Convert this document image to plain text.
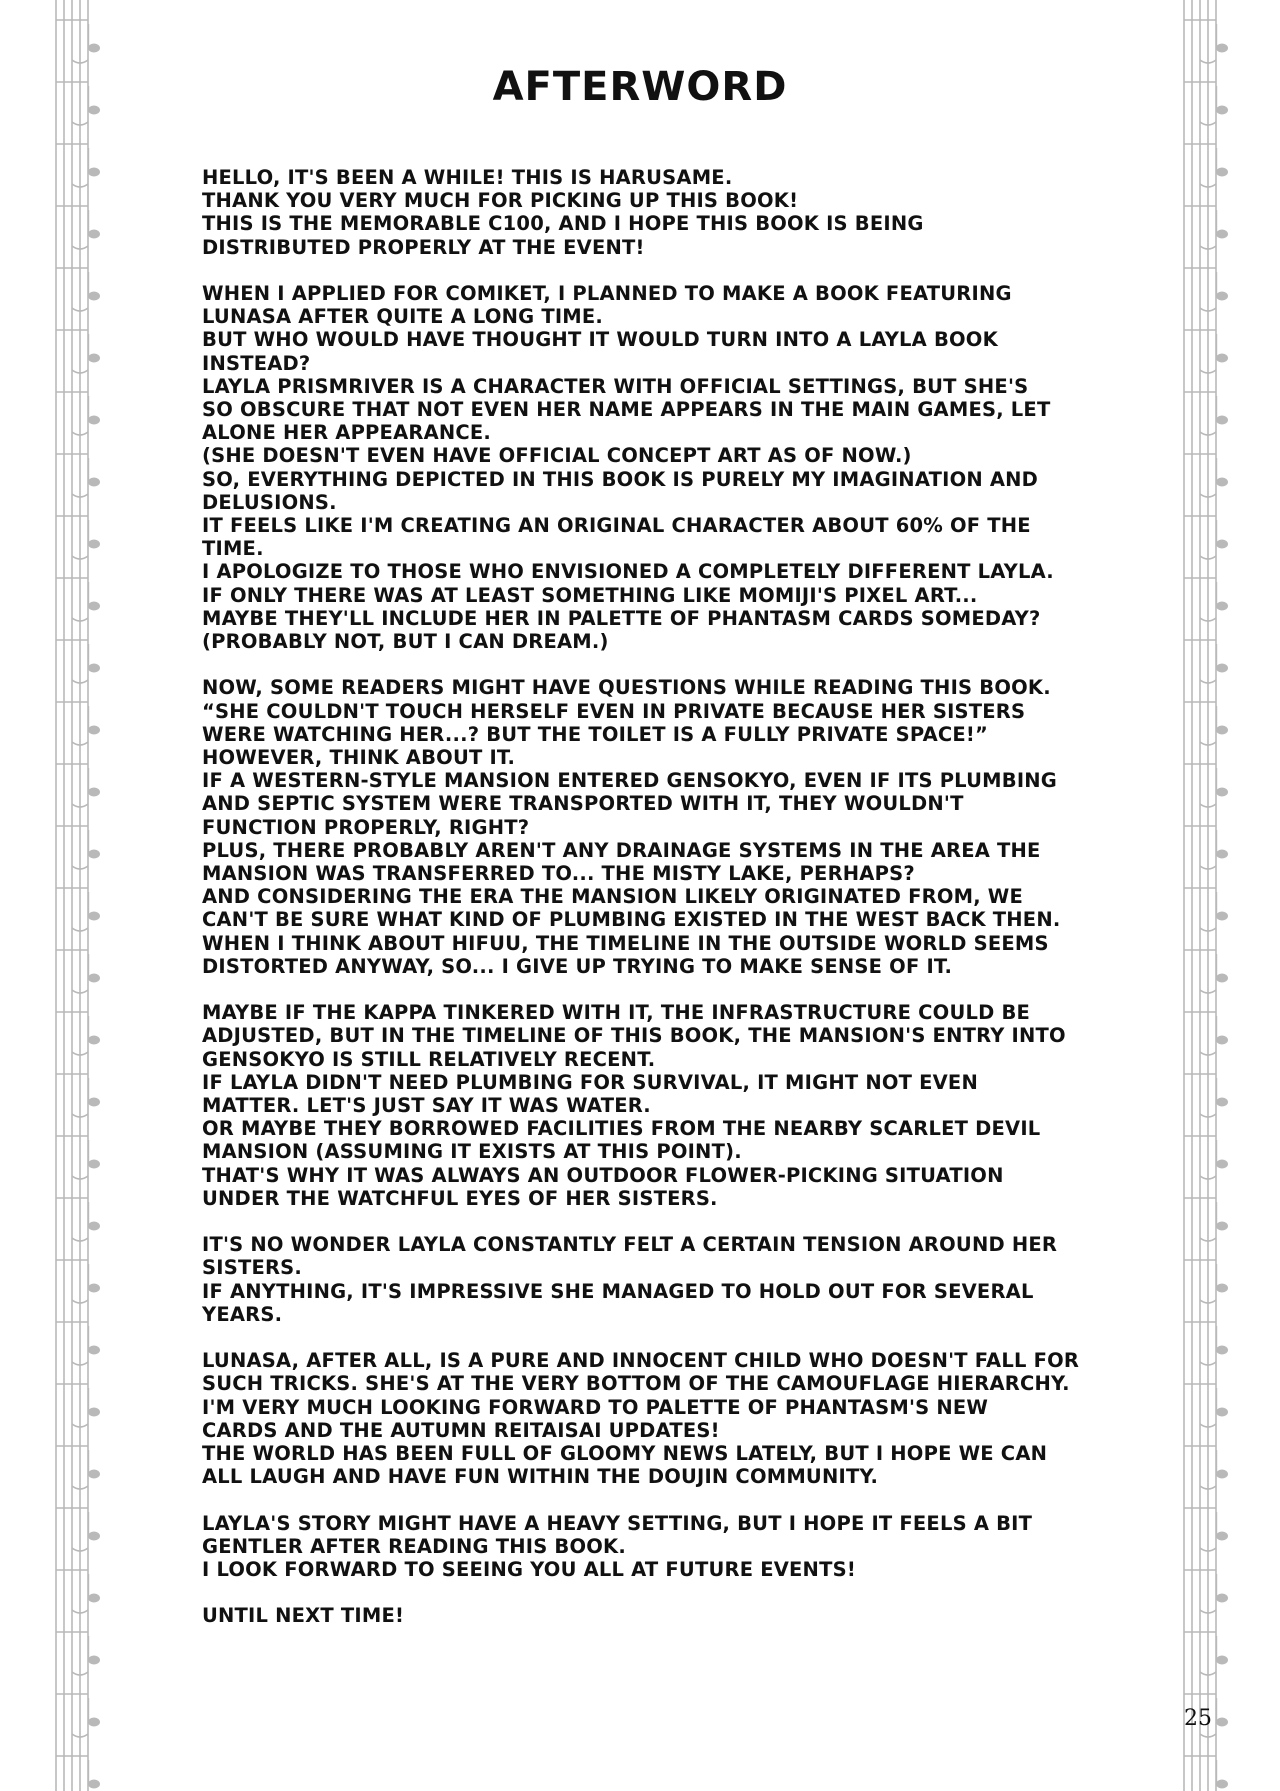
AFTERWORD

HELLO, IT'S BEEN A WHILE! THIS IS HARUSAME.
THANK YOU VERY MUCH FOR PICKING UP THIS BOOK!
THIS IS THE MEMORABLE C100, AND I HOPE THIS BOOK IS BEING
DISTRIBUTED PROPERLY AT THE EVENT!

WHEN I APPLIED FOR COMIKET, I PLANNED TO MAKE A BOOK FEATURING
LUNASA AFTER QUITE A LONG TIME.
BUT WHO WOULD HAVE THOUGHT IT WOULD TURN INTO A LAYLA BOOK
INSTEAD?
LAYLA PRISMRIVER IS A CHARACTER WITH OFFICIAL SETTINGS, BUT SHE'S
SO OBSCURE THAT NOT EVEN HER NAME APPEARS IN THE MAIN GAMES, LET
ALONE HER APPEARANCE.
(SHE DOESN'T EVEN HAVE OFFICIAL CONCEPT ART AS OF NOW.)
SO, EVERYTHING DEPICTED IN THIS BOOK IS PURELY MY IMAGINATION AND
DELUSIONS.
IT FEELS LIKE I'M CREATING AN ORIGINAL CHARACTER ABOUT 60% OF THE
TIME.
I APOLOGIZE TO THOSE WHO ENVISIONED A COMPLETELY DIFFERENT LAYLA.
IF ONLY THERE WAS AT LEAST SOMETHING LIKE MOMIJI'S PIXEL ART...
MAYBE THEY'LL INCLUDE HER IN PALETTE OF PHANTASM CARDS SOMEDAY?
(PROBABLY NOT, BUT I CAN DREAM.)

NOW, SOME READERS MIGHT HAVE QUESTIONS WHILE READING THIS BOOK.
“SHE COULDN'T TOUCH HERSELF EVEN IN PRIVATE BECAUSE HER SISTERS
WERE WATCHING HER...? BUT THE TOILET IS A FULLY PRIVATE SPACE!”
HOWEVER, THINK ABOUT IT.
IF A WESTERN-STYLE MANSION ENTERED GENSOKYO, EVEN IF ITS PLUMBING
AND SEPTIC SYSTEM WERE TRANSPORTED WITH IT, THEY WOULDN'T
FUNCTION PROPERLY, RIGHT?
PLUS, THERE PROBABLY AREN'T ANY DRAINAGE SYSTEMS IN THE AREA THE
MANSION WAS TRANSFERRED TO... THE MISTY LAKE, PERHAPS?
AND CONSIDERING THE ERA THE MANSION LIKELY ORIGINATED FROM, WE
CAN'T BE SURE WHAT KIND OF PLUMBING EXISTED IN THE WEST BACK THEN.
WHEN I THINK ABOUT HIFUU, THE TIMELINE IN THE OUTSIDE WORLD SEEMS
DISTORTED ANYWAY, SO... I GIVE UP TRYING TO MAKE SENSE OF IT.

MAYBE IF THE KAPPA TINKERED WITH IT, THE INFRASTRUCTURE COULD BE
ADJUSTED, BUT IN THE TIMELINE OF THIS BOOK, THE MANSION'S ENTRY INTO
GENSOKYO IS STILL RELATIVELY RECENT.
IF LAYLA DIDN'T NEED PLUMBING FOR SURVIVAL, IT MIGHT NOT EVEN
MATTER. LET'S JUST SAY IT WAS WATER.
OR MAYBE THEY BORROWED FACILITIES FROM THE NEARBY SCARLET DEVIL
MANSION (ASSUMING IT EXISTS AT THIS POINT).
THAT'S WHY IT WAS ALWAYS AN OUTDOOR FLOWER-PICKING SITUATION
UNDER THE WATCHFUL EYES OF HER SISTERS.

IT'S NO WONDER LAYLA CONSTANTLY FELT A CERTAIN TENSION AROUND HER
SISTERS.
IF ANYTHING, IT'S IMPRESSIVE SHE MANAGED TO HOLD OUT FOR SEVERAL
YEARS.

LUNASA, AFTER ALL, IS A PURE AND INNOCENT CHILD WHO DOESN'T FALL FOR
SUCH TRICKS. SHE'S AT THE VERY BOTTOM OF THE CAMOUFLAGE HIERARCHY.
I'M VERY MUCH LOOKING FORWARD TO PALETTE OF PHANTASM'S NEW
CARDS AND THE AUTUMN REITAISAI UPDATES!
THE WORLD HAS BEEN FULL OF GLOOMY NEWS LATELY, BUT I HOPE WE CAN
ALL LAUGH AND HAVE FUN WITHIN THE DOUJIN COMMUNITY.

LAYLA'S STORY MIGHT HAVE A HEAVY SETTING, BUT I HOPE IT FEELS A BIT
GENTLER AFTER READING THIS BOOK.
I LOOK FORWARD TO SEEING YOU ALL AT FUTURE EVENTS!

UNTIL NEXT TIME!

25
